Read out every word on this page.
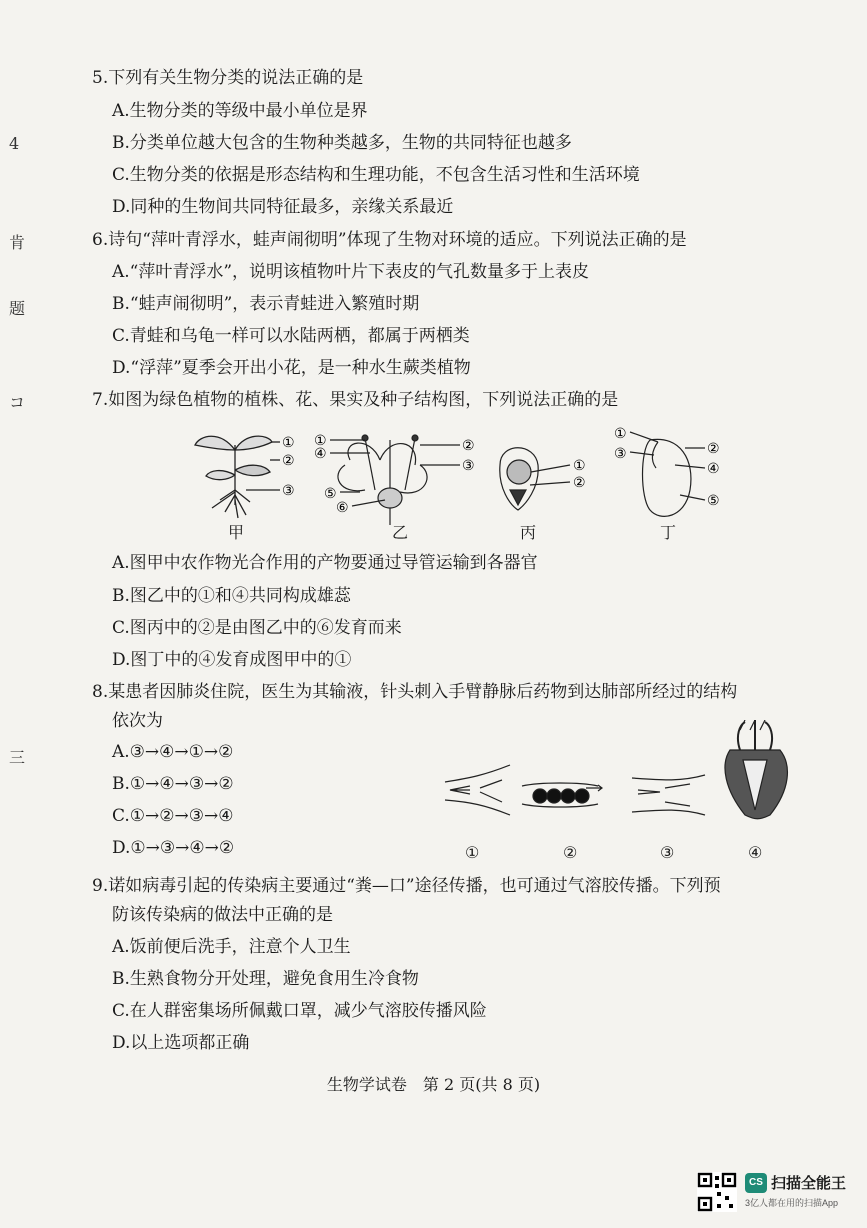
4
肯
题
コ
三
5.下列有关生物分类的说法正确的是
A.生物分类的等级中最小单位是界
B.分类单位越大包含的生物种类越多，生物的共同特征也越多
C.生物分类的依据是形态结构和生理功能，不包含生活习性和生活环境
D.同种的生物间共同特征最多，亲缘关系最近
6.诗句“萍叶青浮水，蛙声闹彻明”体现了生物对环境的适应。下列说法正确的是
A.“萍叶青浮水”，说明该植物叶片下表皮的气孔数量多于上表皮
B.“蛙声闹彻明”，表示青蛙进入繁殖时期
C.青蛙和乌龟一样可以水陆两栖，都属于两栖类
D.“浮萍”夏季会开出小花，是一种水生蕨类植物
7.如图为绿色植物的植株、花、果实及种子结构图，下列说法正确的是
①
②
③
①
④	②
③
⑤
⑥
①
②
①
③	②
④
⑤
甲	乙	丙	丁
A.图甲中农作物光合作用的产物要通过导管运输到各器官
B.图乙中的①和④共同构成雄蕊
C.图丙中的②是由图乙中的⑥发育而来
D.图丁中的④发育成图甲中的①
8.某患者因肺炎住院，医生为其输液，针头刺入手臂静脉后药物到达肺部所经过的结构
依次为
A.③→④→①→②
B.①→④→③→②
C.①→②→③→④
D.①→③→④→②	①	②	③	④
9.诺如病毒引起的传染病主要通过“粪—口”途径传播，也可通过气溶胶传播。下列预
防该传染病的做法中正确的是
A.饭前便后洗手，注意个人卫生
B.生熟食物分开处理，避免食用生冷食物
C.在人群密集场所佩戴口罩，减少气溶胶传播风险
D.以上选项都正确
生物学试卷　第 2 页(共 8 页)
CS 扫描全能王
3亿人都在用的扫描App
